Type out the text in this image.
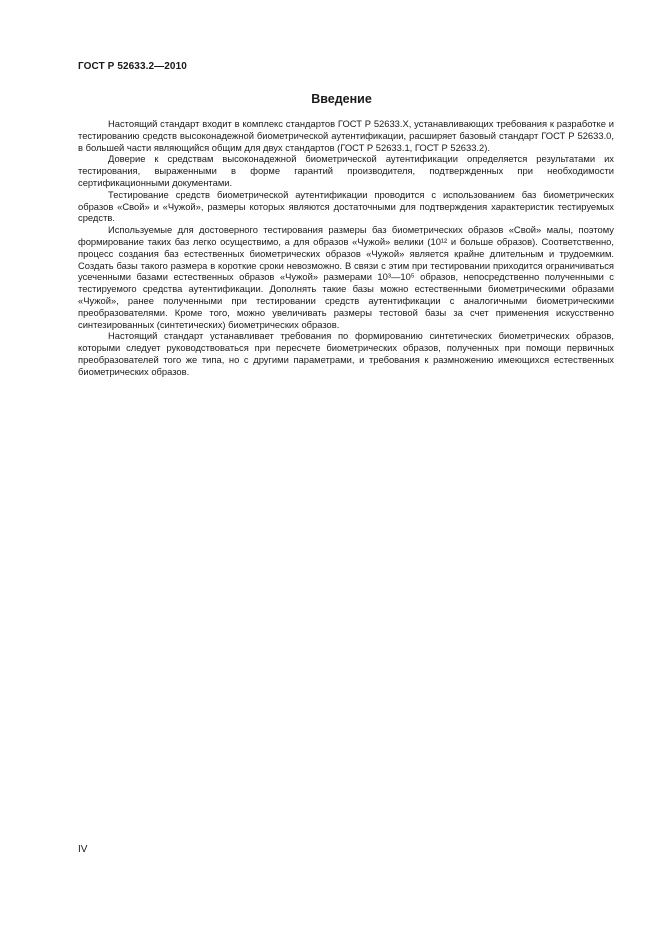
ГОСТ Р 52633.2—2010
Введение

Настоящий стандарт входит в комплекс стандартов ГОСТ Р 52633.Х, устанавливающих требования к разработке и тестированию средств высоконадежной биометрической аутентификации, расширяет базовый стандарт ГОСТ Р 52633.0, в большей части являющийся общим для двух стандартов (ГОСТ Р 52633.1, ГОСТ Р 52633.2).

Доверие к средствам высоконадежной биометрической аутентификации определяется результатами их тестирования, выраженными в форме гарантий производителя, подтвержденных при необходимости сертификационными документами.

Тестирование средств биометрической аутентификации проводится с использованием баз биометрических образов «Свой» и «Чужой», размеры которых являются достаточными для подтверждения характеристик тестируемых средств.

Используемые для достоверного тестирования размеры баз биометрических образов «Свой» малы, поэтому формирование таких баз легко осуществимо, а для образов «Чужой» велики (10¹² и больше образов). Соответственно, процесс создания баз естественных биометрических образов «Чужой» является крайне длительным и трудоемким. Создать базы такого размера в короткие сроки невозможно. В связи с этим при тестировании приходится ограничиваться усеченными базами естественных образов «Чужой» размерами 10³—10⁵ образов, непосредственно полученными с тестируемого средства аутентификации. Дополнять такие базы можно естественными биометрическими образами «Чужой», ранее полученными при тестировании средств аутентификации с аналогичными биометрическими преобразователями. Кроме того, можно увеличивать размеры тестовой базы за счет применения искусственно синтезированных (синтетических) биометрических образов.

Настоящий стандарт устанавливает требования по формированию синтетических биометрических образов, которыми следует руководствоваться при пересчете биометрических образов, полученных при помощи первичных преобразователей того же типа, но с другими параметрами, и требования к размножению имеющихся естественных биометрических образов.

IV
